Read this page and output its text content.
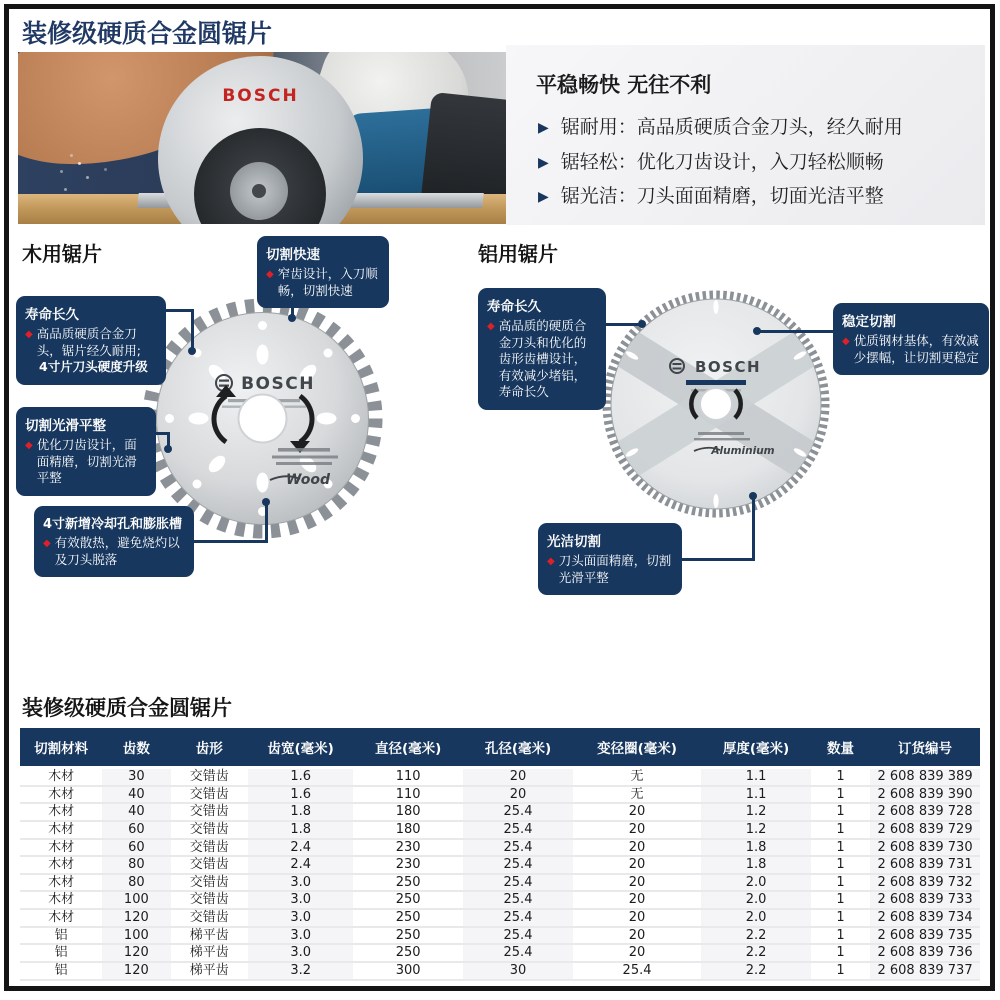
装修级硬质合金圆锯片
BOSCH	平稳畅快 无往不利
▶ 锯耐用：高品质硬质合金刀头，经久耐用
▶ 锯轻松：优化刀齿设计，入刀轻松顺畅
▶ 锯光洁：刀头面面精磨，切面光洁平整
木用锯片	铝用锯片
BOSCH
Wood
BOSCH
Aluminium
切割快速
◆ 窄齿设计，入刀顺畅，切割快速
寿命长久
◆ 高品质硬质合金刀头，锯片经久耐用;
4寸片刀头硬度升级
切割光滑平整
◆ 优化刀齿设计，面面精磨，切割光滑平整
4寸新增冷却孔和膨胀槽
◆ 有效散热，避免烧灼以及刀头脱落
寿命长久
◆ 高品质的硬质合金刀头和优化的齿形齿槽设计，有效减少堵铝，寿命长久
稳定切割
◆ 优质钢材基体，有效减少摆幅，让切割更稳定
光洁切割
◆ 刀头面面精磨，切割光滑平整
装修级硬质合金圆锯片
切割材料	齿数	齿形	齿宽(毫米)	直径(毫米)	孔径(毫米)	变径圈(毫米)	厚度(毫米)	数量	订货编号
木材	30	交错齿	1.6	110	20	无	1.1	1	2 608 839 389
木材	40	交错齿	1.6	110	20	无	1.1	1	2 608 839 390
木材	40	交错齿	1.8	180	25.4	20	1.2	1	2 608 839 728
木材	60	交错齿	1.8	180	25.4	20	1.2	1	2 608 839 729
木材	60	交错齿	2.4	230	25.4	20	1.8	1	2 608 839 730
木材	80	交错齿	2.4	230	25.4	20	1.8	1	2 608 839 731
木材	80	交错齿	3.0	250	25.4	20	2.0	1	2 608 839 732
木材	100	交错齿	3.0	250	25.4	20	2.0	1	2 608 839 733
木材	120	交错齿	3.0	250	25.4	20	2.0	1	2 608 839 734
铝	100	梯平齿	3.0	250	25.4	20	2.2	1	2 608 839 735
铝	120	梯平齿	3.0	250	25.4	20	2.2	1	2 608 839 736
铝	120	梯平齿	3.2	300	30	25.4	2.2	1	2 608 839 737
